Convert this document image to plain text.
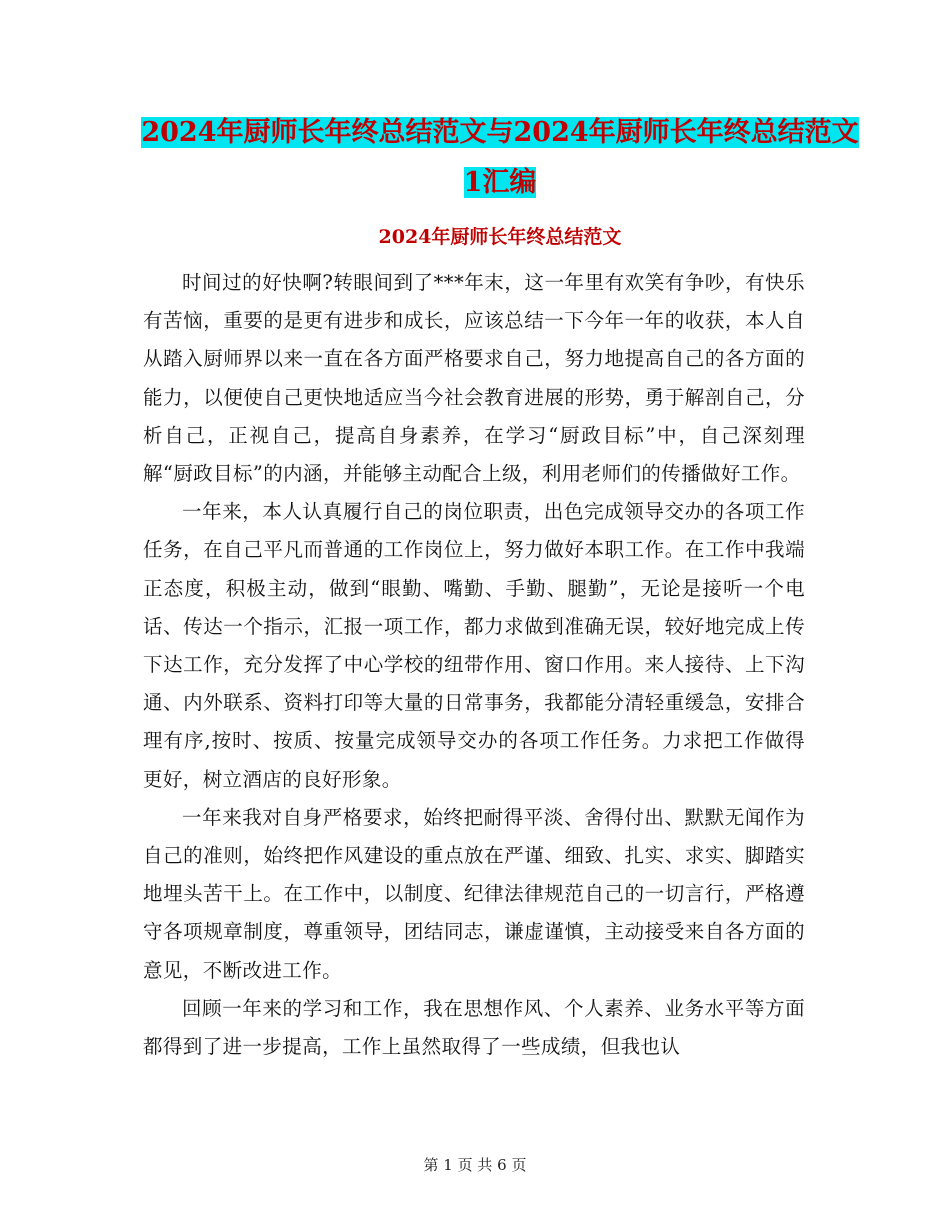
2024年厨师长年终总结范文与2024年厨师长年终总结范文1汇编
2024年厨师长年终总结范文

时间过的好快啊?转眼间到了***年末，这一年里有欢笑有争吵，有快乐有苦恼，重要的是更有进步和成长，应该总结一下今年一年的收获，本人自从踏入厨师界以来一直在各方面严格要求自己，努力地提高自己的各方面的能力，以便使自己更快地适应当今社会教育进展的形势，勇于解剖自己，分析自己，正视自己，提高自身素养，在学习“厨政目标”中，自己深刻理解“厨政目标”的内涵，并能够主动配合上级，利用老师们的传播做好工作。

一年来，本人认真履行自己的岗位职责，出色完成领导交办的各项工作任务，在自己平凡而普通的工作岗位上，努力做好本职工作。在工作中我端正态度，积极主动，做到“眼勤、嘴勤、手勤、腿勤”，无论是接听一个电话、传达一个指示，汇报一项工作，都力求做到准确无误，较好地完成上传下达工作，充分发挥了中心学校的纽带作用、窗口作用。来人接待、上下沟通、内外联系、资料打印等大量的日常事务，我都能分清轻重缓急，安排合理有序,按时、按质、按量完成领导交办的各项工作任务。力求把工作做得更好，树立酒店的良好形象。

一年来我对自身严格要求，始终把耐得平淡、舍得付出、默默无闻作为自己的准则，始终把作风建设的重点放在严谨、细致、扎实、求实、脚踏实地埋头苦干上。在工作中，以制度、纪律法律规范自己的一切言行，严格遵守各项规章制度，尊重领导，团结同志，谦虚谨慎，主动接受来自各方面的意见，不断改进工作。

回顾一年来的学习和工作，我在思想作风、个人素养、业务水平等方面都得到了进一步提高，工作上虽然取得了一些成绩，但我也认

第 1 页 共 6 页
